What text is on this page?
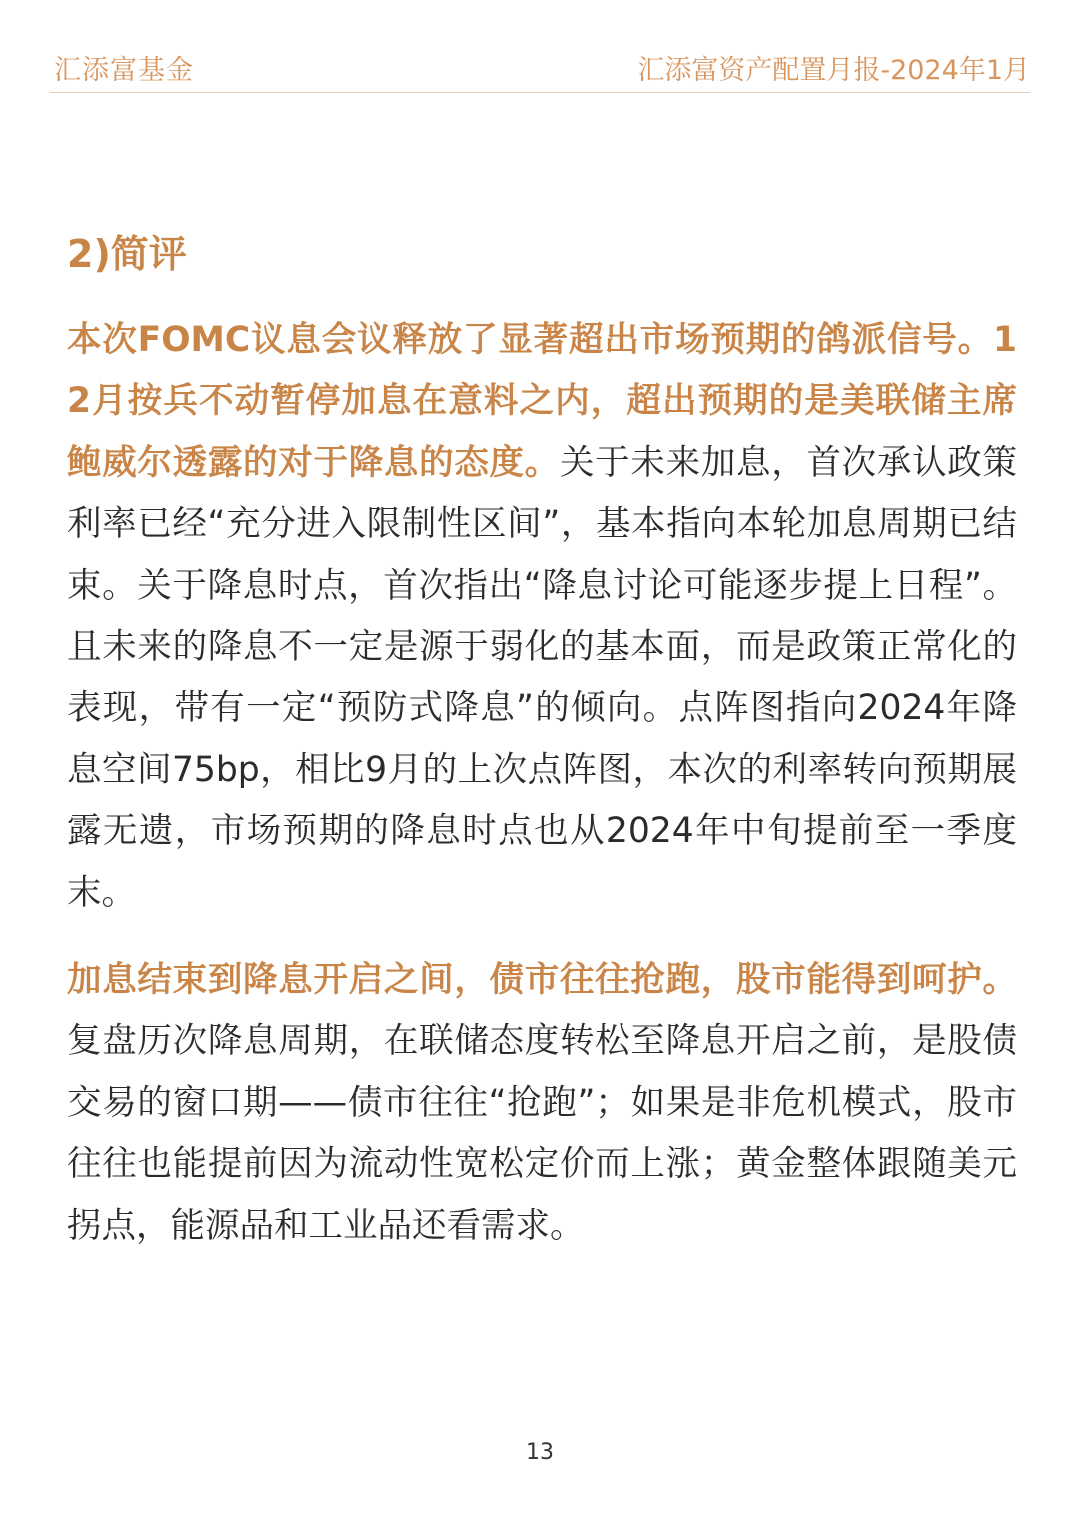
汇添富基金	汇添富资产配置月报-2024年1月
2)简评

本次FOMC议息会议释放了显著超出市场预期的鸽派信号。12月按兵不动暂停加息在意料之内，超出预期的是美联储主席鲍威尔透露的对于降息的态度。关于未来加息，首次承认政策利率已经“充分进入限制性区间”，基本指向本轮加息周期已结束。关于降息时点，首次指出“降息讨论可能逐步提上日程”。且未来的降息不一定是源于弱化的基本面，而是政策正常化的表现，带有一定“预防式降息”的倾向。点阵图指向2024年降息空间75bp，相比9月的上次点阵图，本次的利率转向预期展露无遗，市场预期的降息时点也从2024年中旬提前至一季度末。

加息结束到降息开启之间，债市往往抢跑，股市能得到呵护。复盘历次降息周期，在联储态度转松至降息开启之前，是股债交易的窗口期——债市往往“抢跑”；如果是非危机模式，股市往往也能提前因为流动性宽松定价而上涨；黄金整体跟随美元拐点，能源品和工业品还看需求。

13
